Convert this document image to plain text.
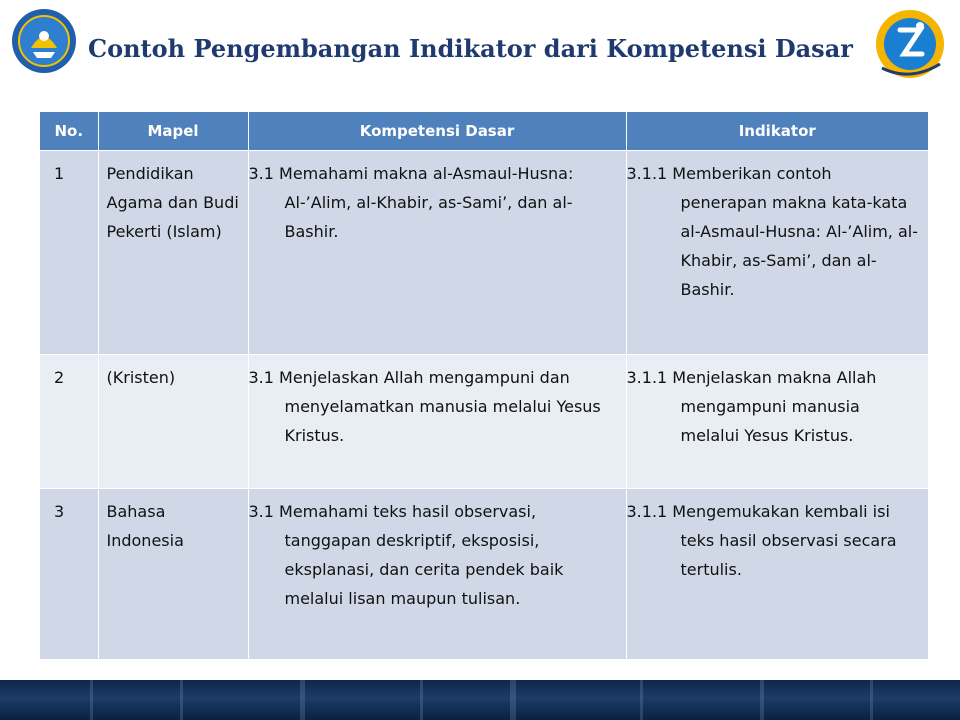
Contoh Pengembangan Indikator dari Kompetensi Dasar
No.	Mapel	Kompetensi Dasar	Indikator
1	Pendidikan Agama dan Budi Pekerti (Islam)	3.1 Memahami makna al-Asmaul-Husna: Al-’Alim, al-Khabir, as-Sami’, dan al-Bashir.	3.1.1 Memberikan contoh penerapan makna kata-kata al-Asmaul-Husna: Al-’Alim, al-Khabir, as-Sami’, dan al-Bashir.
2	(Kristen)	3.1 Menjelaskan Allah mengampuni dan menyelamatkan manusia melalui Yesus Kristus.	3.1.1 Menjelaskan makna Allah mengampuni manusia melalui Yesus Kristus.
3	Bahasa Indonesia	3.1 Memahami teks hasil observasi, tanggapan deskriptif, eksposisi, eksplanasi, dan cerita pendek baik melalui lisan maupun tulisan.	3.1.1 Mengemukakan kembali isi teks hasil observasi secara tertulis.
